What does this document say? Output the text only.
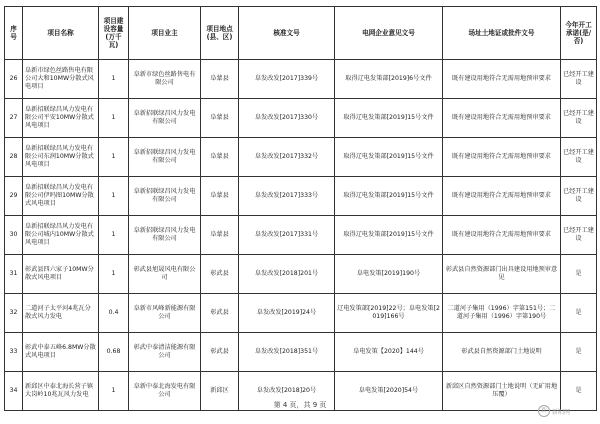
序号	项目名称	项目建设容量(万千瓦)	项目业主	项目地点(县、区)	核准文号	电网企业意见文号	场址土地证或批件文号	今年开工承诺(是/否)
26	阜新市绿色丝路售电有限公司大和10MW分散式风电项目	1	阜新市绿色丝路售电有限公司	阜蒙县	阜发改发[2017]339号	取得辽电发策部[2019]6号文件	既有建设用地符合无需用地预审要求	已经开工建设
27	阜新招联绿昌风力发电有限公司平安10MW分散式风电项目	1	阜新招联绿昌风力发电有限公司	阜蒙县	阜发改发[2017]330号	取得辽电发策部[2019]15号文件	既有建设用地符合无需用地预审要求	已经开工建设
28	阜新招联绿昌风力发电有限公司东润10MW分散式风电项目	1	阜新招联绿昌风力发电有限公司	阜蒙县	阜发改发[2017]332号	取得辽电发策部[2019]15号文件	既有建设用地符合无需用地预审要求	已经开工建设
29	阜新招联绿昌风力发电有限公司伊吗图10MW分散式风电项目	1	阜新招联绿昌风力发电有限公司	阜蒙县	阜发改发[2017]333号	取得辽电发策部[2019]15号文件	既有建设用地符合无需用地预审要求	已经开工建设
30	阜新招联绿昌风力发电有限公司城内10MW分散式风电项目	1	阜新招联绿昌风力发电有限公司	阜蒙县	阜发改发[2017]331号	取得辽电发策部[2019]15号文件	既有建设用地符合无需用地预审要求	已经开工建设
31	彰武县四六家子10MW分散式风电项目	1	彰武县旭晟风电有限公司	彰武县	阜发改发[2018]201号	阜电发策[2019]190号	彰武县自然资源部门出具建设用地预审意见	是
32	二道河子太平河4兆瓦分散式风力发电	0.4	阜新市风峰新能源有限公司	彰武县	阜发改发[2019]24号	辽电发策部[2019]22号；阜电发策[2019]166号	二道河子集用（1996）字第151号；二道河子集用（1996）字第190号	是
33	彰武中泰五峰6.8MW分散式风电项目	0.68	彰武中泰清洁能源有限公司	彰武县	阜发改发[2018]351号	阜电发策【2020】144号	彰武县自然资源部门土地说明	是
34	新邱区中泰北海长营子镇大岗岭10兆瓦风力发电	1	阜新中泰北海发电有限公司	新邱区	阜发改发[2018]20号	阜电发策[2020]54号	新邱区自然资源部门土地说明（无矿用地压覆）	是
第 4 页，共 9 页
新 新阳网
